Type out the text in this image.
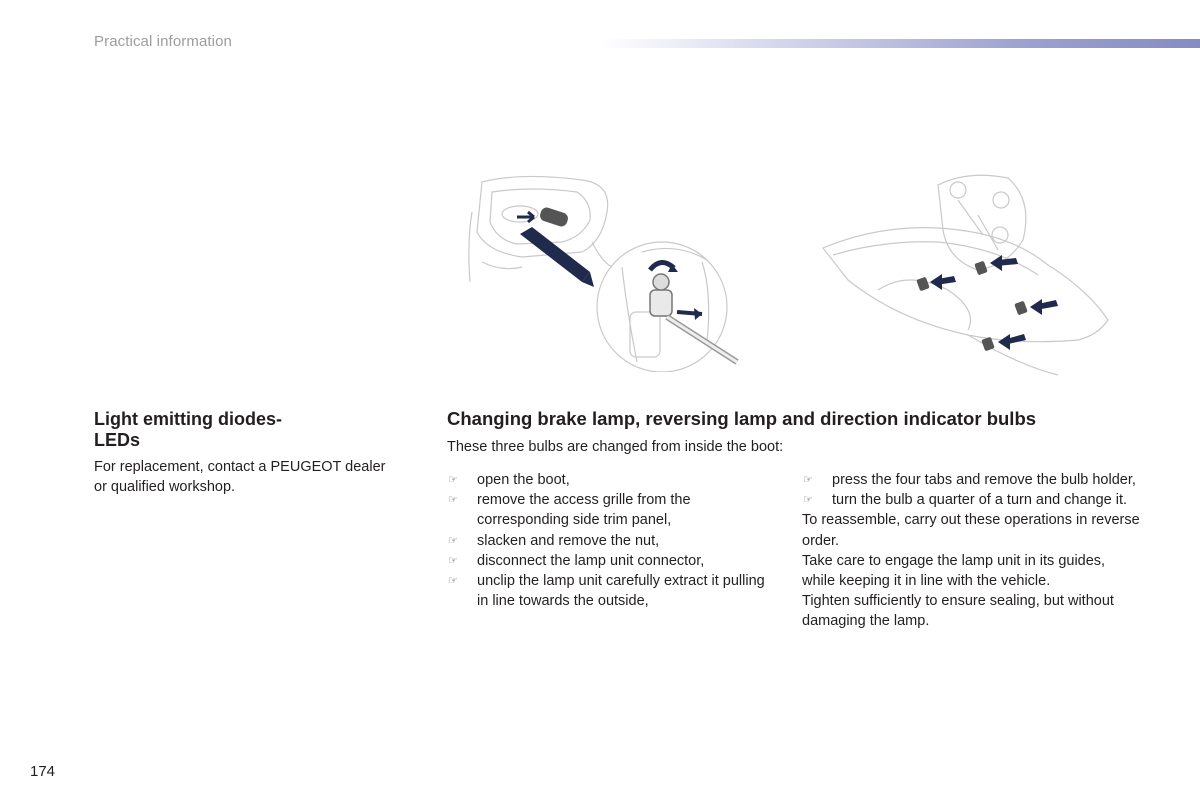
Practical information
Light emitting diodes-
LEDs
For replacement, contact a PEUGEOT dealer
or qualified workshop.
Changing brake lamp, reversing lamp and direction indicator bulbs
These three bulbs are changed from inside the boot:
☞ open the boot,
☞ remove the access grille from the corresponding side trim panel,
☞ slacken and remove the nut,
☞ disconnect the lamp unit connector,
☞ unclip the lamp unit carefully extract it pulling in line towards the outside,
☞ press the four tabs and remove the bulb holder,
☞ turn the bulb a quarter of a turn and change it.

To reassemble, carry out these operations in reverse order.

Take care to engage the lamp unit in its guides, while keeping it in line with the vehicle.

Tighten sufficiently to ensure sealing, but without damaging the lamp.

174
